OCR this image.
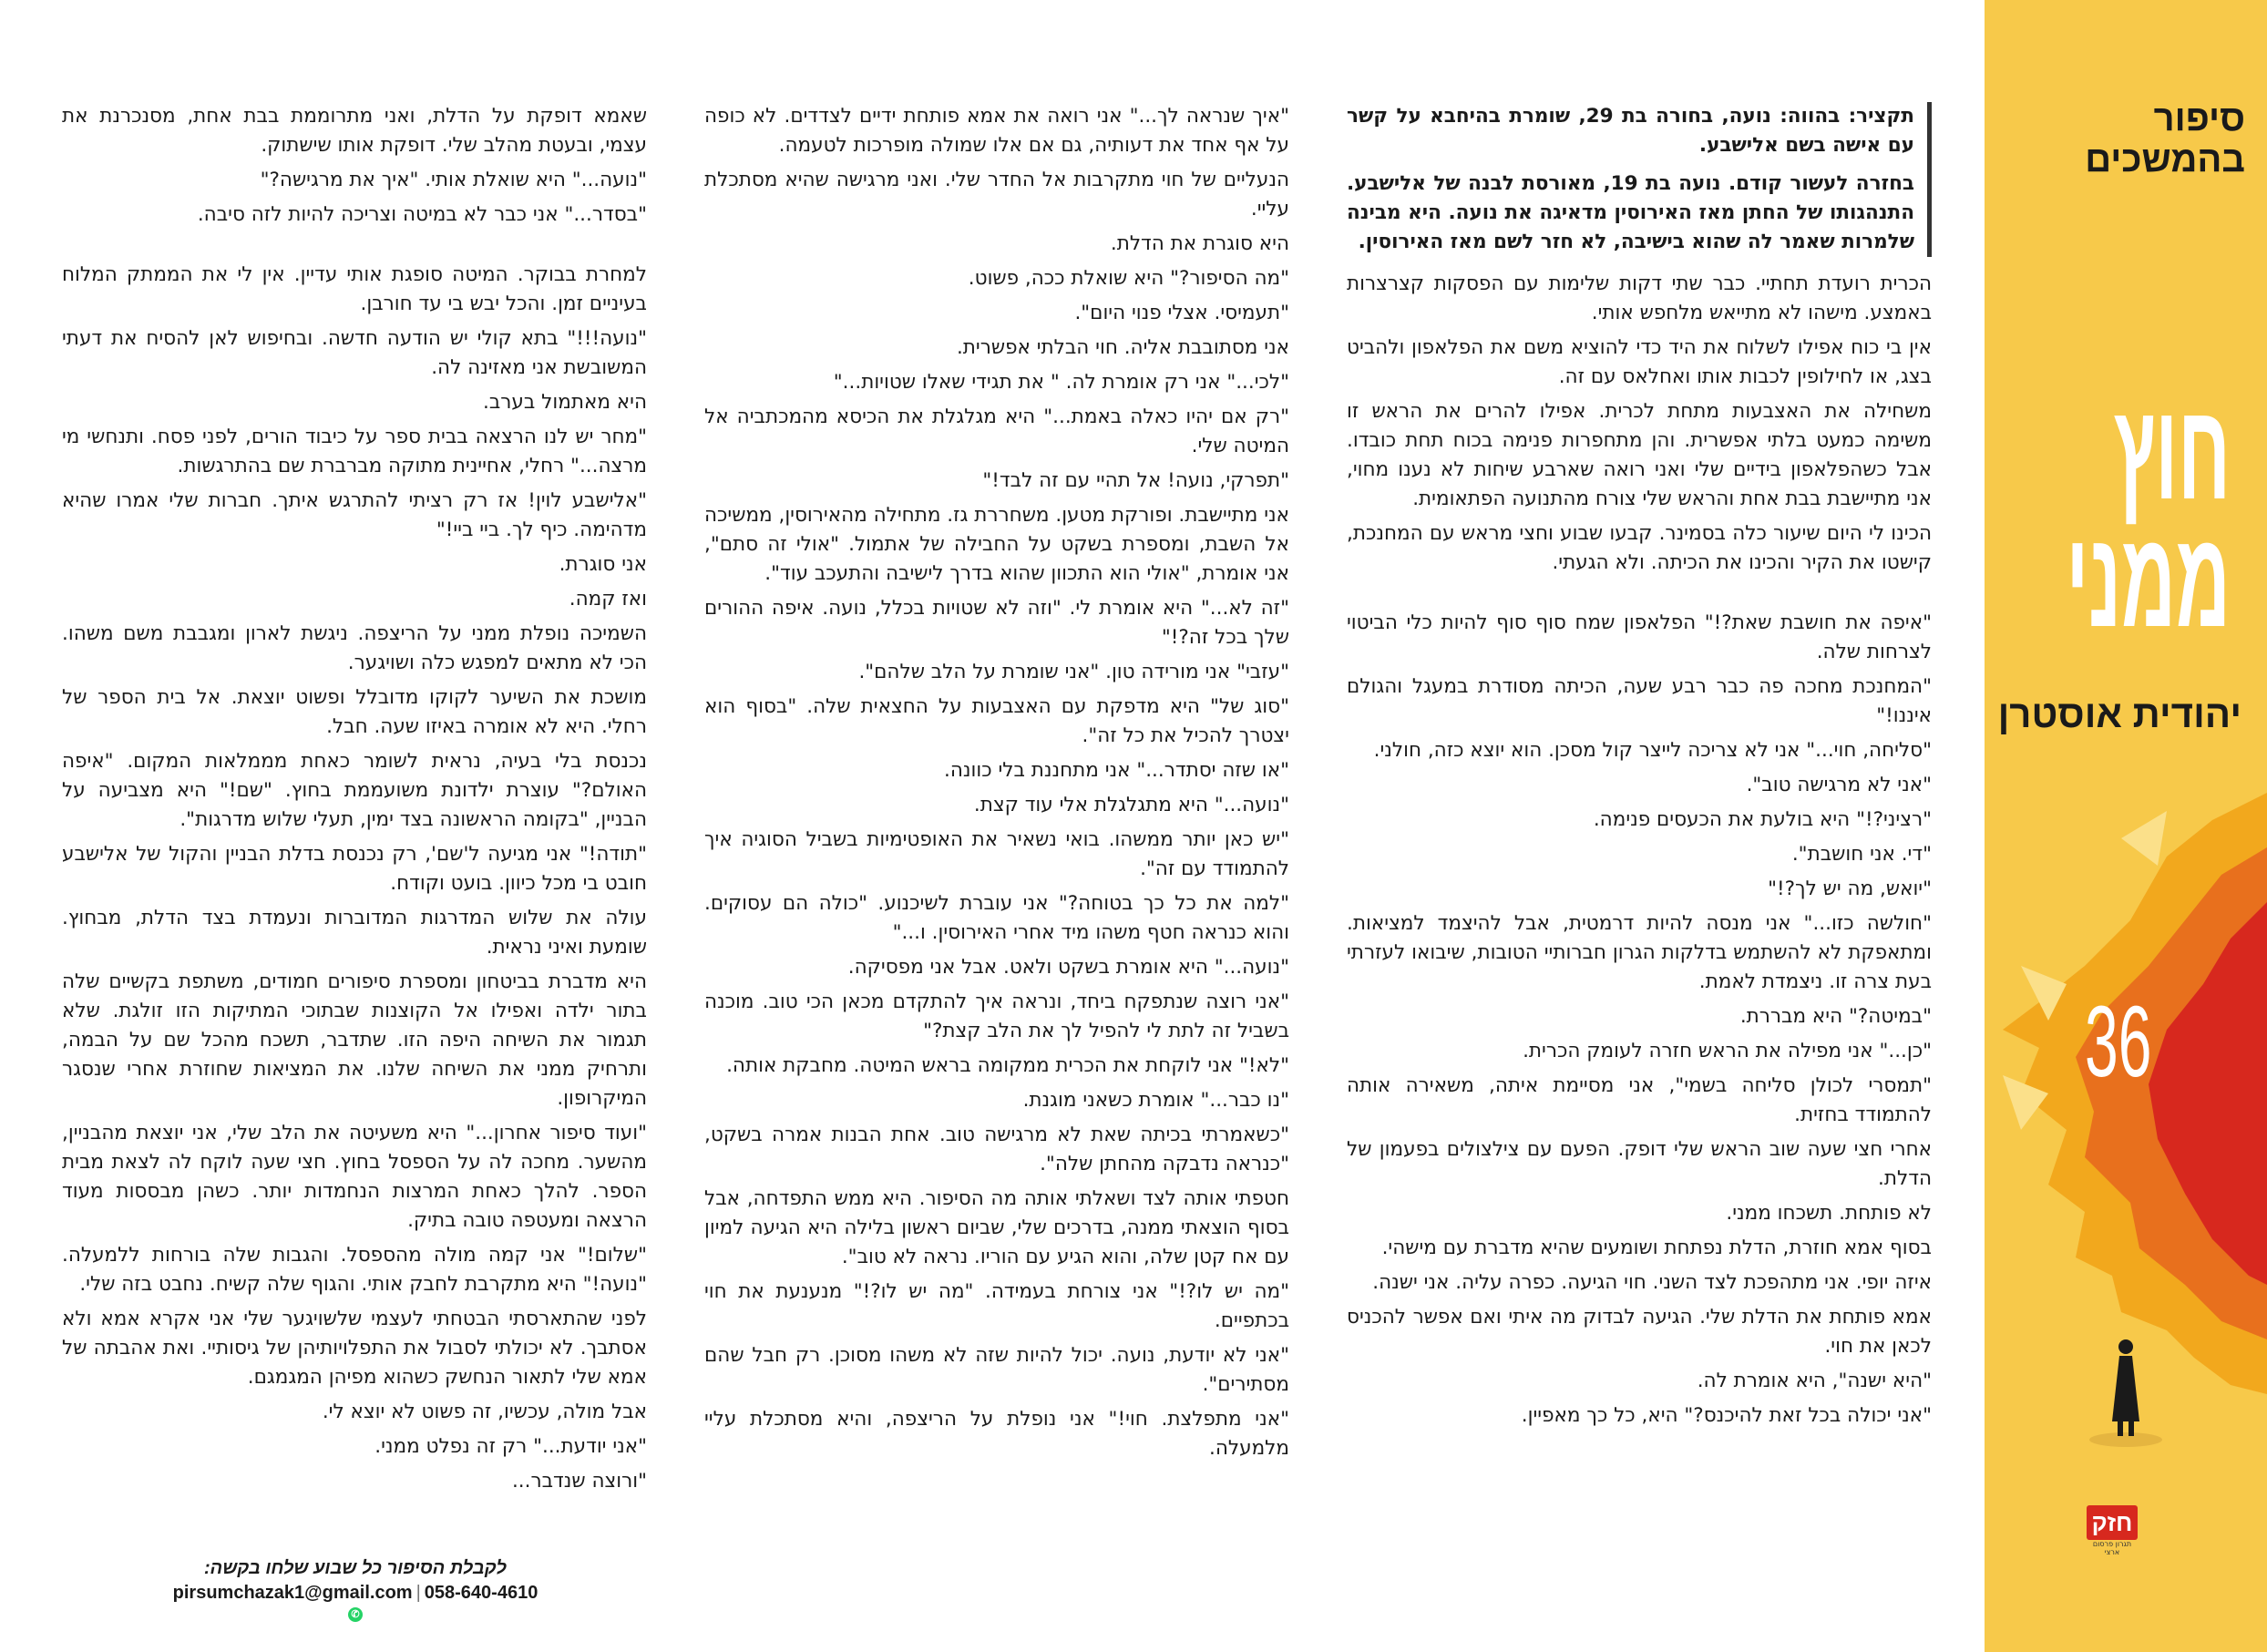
תקציר: בהווה: נועה, בחורה בת 29, שומרת בהיחבא על קשר עם אישה בשם אלישבע.

בחזרה לעשור קודם. נועה בת 19, מאורסת לבנה של אלישבע. התנהגותו של החתן מאז האירוסין מדאיגה את נועה. היא מבינה שלמרות שאמר לה שהוא בישיבה, לא חזר לשם מאז האירוסין.

הכרית רועדת תחתיי. כבר שתי דקות שלימות עם הפסקות קצרצרות באמצע. מישהו לא מתייאש מלחפש אותי.

אין בי כוח אפילו לשלוח את היד כדי להוציא משם את הפלאפון ולהביט בצג, או לחילופין לכבות אותו ואחלאס עם זה.

משחילה את האצבעות מתחת לכרית. אפילו להרים את הראש זו משימה כמעט בלתי אפשרית. והן מתחפרות פנימה בכוח תחת כובדו. אבל כשהפלאפון בידיים שלי ואני רואה שארבע שיחות לא נענו מחוי, אני מתיישבת בבת אחת והראש שלי צורח מהתנועה הפתאומית.

הכינו לי היום שיעור כלה בסמינר. קבעו שבוע וחצי מראש עם המחנכת, קישטו את הקיר והכינו את הכיתה. ולא הגעתי.

"איפה את חושבת שאת?!" הפלאפון שמח סוף סוף להיות כלי הביטוי לצרחות שלה.

"המחנכת מחכה פה כבר רבע שעה, הכיתה מסודרת במעגל והגולם איננו!"

"סליחה, חוי..." אני לא צריכה לייצר קול מסכן. הוא יוצא כזה, חולני.

"אני לא מרגישה טוב".

"רציני?!" היא בולעת את הכעסים פנימה.

"די. אני חושבת".

"יואש, מה יש לך?!"

"חולשה כזו..." אני מנסה להיות דרמטית, אבל להיצמד למציאות. ומתאפקת לא להשתמש בדלקות הגרון חברותיי הטובות, שיבואו לעזרתי בעת צרה זו. ניצמדת לאמת.

"במיטה?" היא מבררת.

"כן..." אני מפילה את הראש חזרה לעומק הכרית.

"תמסרי לכולן סליחה בשמי", אני מסיימת איתה, משאירה אותה להתמודד בחזית.

אחרי חצי שעה שוב הראש שלי דופק. הפעם עם צילצולים בפעמון של הדלת.

לא פותחת. תשכחו ממני.

בסוף אמא חוזרת, הדלת נפתחת ושומעים שהיא מדברת עם מישהי.

איזה יופי. אני מתהפכת לצד השני. חוי הגיעה. כפרה עליה. אני ישנה.

אמא פותחת את הדלת שלי. הגיעה לבדוק מה איתי ואם אפשר להכניס לכאן את חוי.

"היא ישנה", היא אומרת לה.

"אני יכולה בכל זאת להיכנס?" היא, כל כך מאפיין.

"איך שנראה לך..." אני רואה את אמא פותחת ידיים לצדדים. לא כופה על אף אחד את דעותיה, גם אם אלו שמולה מופרכות לטעמה.

הנעליים של חוי מתקרבות אל החדר שלי. ואני מרגישה שהיא מסתכלת עליי.

היא סוגרת את הדלת.

"מה הסיפור?" היא שואלת ככה, פשוט.

"תעמיסי. אצלי פנוי היום".

אני מסתובבת אליה. חוי הבלתי אפשרית.

"לכי..." אני רק אומרת לה. " את תגידי שאלו שטויות..."

"רק אם יהיו כאלה באמת..." היא מגלגלת את הכיסא מהמכתביה אל המיטה שלי.

"תפרקי, נועה! אל תהיי עם זה לבד!"

אני מתיישבת. ופורקת מטען. משחררת גז. מתחילה מהאירוסין, ממשיכה אל השבת, ומספרת בשקט על החבילה של אתמול. "אולי זה סתם", אני אומרת, "אולי הוא התכוון שהוא בדרך לישיבה והתעכב עוד".

"זה לא..." היא אומרת לי. "וזה לא שטויות בכלל, נועה. איפה ההורים שלך בכל זה?!"

"עזבי" אני מורידה טון. "אני שומרת על הלב שלהם".

"סוג של" היא מדפקת עם האצבעות על החצאית שלה. "בסוף הוא יצטרך להכיל את כל זה".

"או שזה יסתדר..." אני מתחננת בלי כוונה.

"נועה..." היא מתגלגלת אלי עוד קצת.

"יש כאן יותר ממשהו. בואי נשאיר את האופטימיות בשביל הסוגיה איך להתמודד עם זה".

"למה את כל כך בטוחה?" אני עוברת לשיכנוע. "כולה הם עסוקים. והוא כנראה חטף משהו מיד אחרי האירוסין. ו..."

"נועה..." היא אומרת בשקט ולאט. אבל אני מפסיקה.

"אני רוצה שנתפקח ביחד, ונראה איך להתקדם מכאן הכי טוב. מוכנה בשביל זה לתת לי להפיל לך את הלב קצת?"

"לא!" אני לוקחת את הכרית ממקומה בראש המיטה. מחבקת אותה.

"נו כבר..." אומרת כשאני מוגנת.

"כשאמרתי בכיתה שאת לא מרגישה טוב. אחת הבנות אמרה בשקט, "כנראה נדבקה מהחתן שלה".

חטפתי אותה לצד ושאלתי אותה מה הסיפור. היא ממש התפדחה, אבל בסוף הוצאתי ממנה, בדרכים שלי, שביום ראשון בלילה היא הגיעה למיון עם אח קטן שלה, והוא הגיע עם הוריו. נראה לא טוב".

"מה יש לו?!" אני צורחת בעמידה. "מה יש לו?!" מנענעת את חוי בכתפיים.

"אני לא יודעת, נועה. יכול להיות שזה לא משהו מסוכן. רק חבל שהם מסתירים".

"אני מתפלצת. חוי!" אני נופלת על הריצפה, והיא מסתכלת עליי מלמעלה.

שאמא דופקת על הדלת, ואני מתרוממת בבת אחת, מסנכרנת את עצמי, ובעטת מהלב שלי. דופקת אותו שישתוק.

"נועה..." היא שואלת אותי. "איך את מרגישה?"

"בסדר..." אני כבר לא במיטה וצריכה להיות לזה סיבה.

למחרת בבוקר. המיטה סופגת אותי עדיין. אין לי את הממתק המלוח בעיניים זמן. והכל יבש בי עד חורבן.

"נועה!!!" בתא קולי יש הודעה חדשה. ובחיפוש לאן להסיח את דעתי המשובשת אני מאזינה לה.

היא מאתמול בערב.

"מחר יש לנו הרצאה בבית ספר על כיבוד הורים, לפני פסח. ותנחשי מי מרצה..." רחלי, אחיינית מתוקה מברברת שם בהתרגשות.

"אלישבע לוין! אז רק רציתי להתרגש איתך. חברות שלי אמרו שהיא מדהימה. כיף לך. ביי ביי!"

אני סוגרת.

ואז קמה.

השמיכה נופלת ממני על הריצפה. ניגשת לארון ומגבבת משם משהו. הכי לא מתאים למפגש כלה ושויגער.

מושכת את השיער לקוקו מדובלל ופשוט יוצאת. אל בית הספר של רחלי. היא לא אומרה באיזו שעה. חבל.

נכנסת בלי בעיה, נראית לשומר כאחת מממלאות המקום. "איפה האולם?" עוצרת ילדונת משועממת בחוץ. "שם!" היא מצביעה על הבניין, "בקומה הראשונה בצד ימין, תעלי שלוש מדרגות".

"תודה!" אני מגיעה ל'שם', רק נכנסת בדלת הבניין והקול של אלישבע חובט בי מכל כיוון. בועט וקודח.

עולה את שלוש המדרגות המדוברות ונעמדת בצד הדלת, מבחוץ. שומעת ואיני נראית.

היא מדברת בביטחון ומספרת סיפורים חמודים, משתפת בקשיים שלה בתור ילדה ואפילו אל הקוצנות שבתוכי המתיקות הזו זולגת. שלא תגמור את השיחה היפה הזו. שתדבר, תשכח מהכל שם על הבמה, ותרחיק ממני את השיחה שלנו. את המציאות שחוזרת אחרי שנסגר המיקרופון.

"ועוד סיפור אחרון..." היא משעיטה את הלב שלי, אני יוצאת מהבניין, מהשער. מחכה לה על הספסל בחוץ. חצי שעה לוקח לה לצאת מבית הספר. להלך כאחת המרצות הנחמדות יותר. כשהן מבססות מעוד הרצאה ומעטפה טובה בתיק.

"שלום!" אני קמה מולה מהספסל. והגבות שלה בורחות ללמעלה. "נועה!" היא מתקרבת לחבק אותי. והגוף שלה קשיח. נחבט בזה שלי.

לפני שהתארסתי הבטחתי לעצמי שלשויגער שלי אני אקרא אמא ולא אסתבך. לא יכולתי לסבול את התפלויותיהן של גיסותיי. ואת אהבתה של אמא שלי לתאור הנחשק כשהוא מפיהן המגמגם.

אבל מולה, עכשיו, זה פשוט לא יוצא לי.

"אני יודעת..." רק זה נפלט ממני.

"ורוצה שנדבר...

לקבלת הסיפור כל שבוע שלחו בקשה:
pirsumchazak1@gmail.com | 058-640-4610 ✆
סיפור בהמשכים
חוץ
ממני
יהודית אוסטרן
36
חזק
תגרון פרסום ארצי
